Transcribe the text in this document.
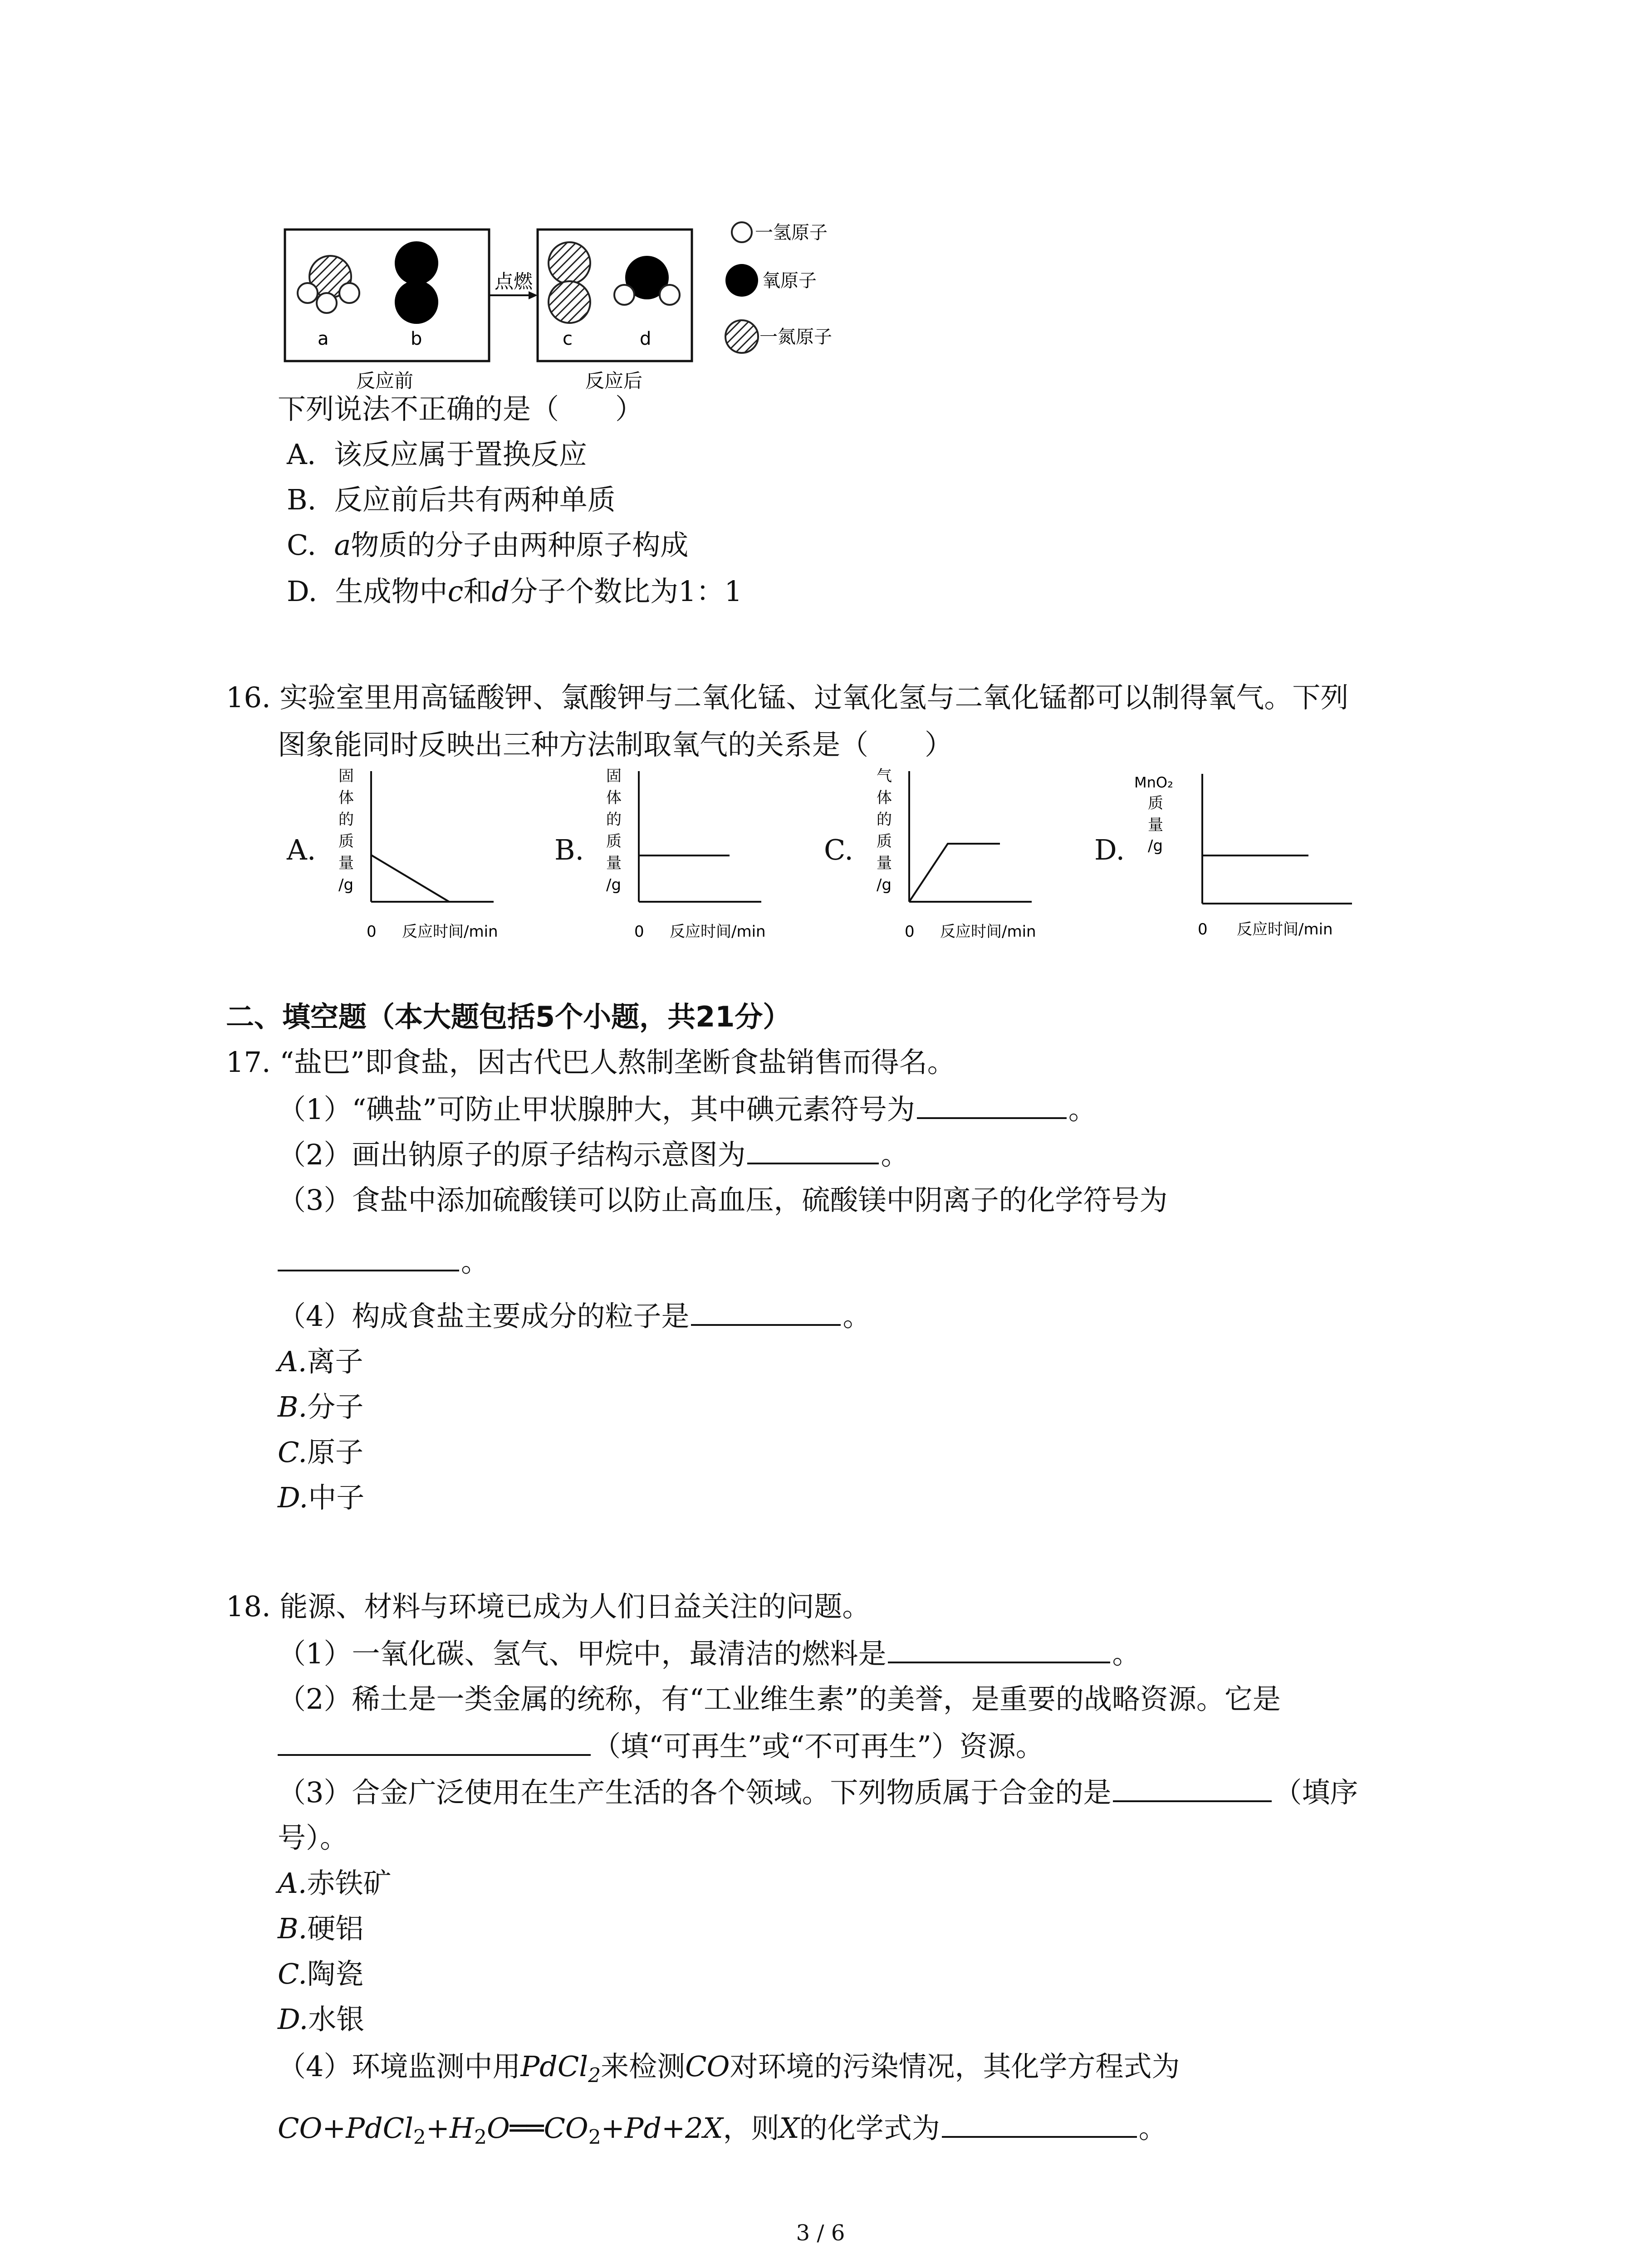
a	b
点燃
c	d
反应前	反应后
一氢原子
氧原子
一氮原子
下列说法不正确的是（　　）
A. 该反应属于置换反应
B. 反应前后共有两种单质
C. a物质的分子由两种原子构成
D. 生成物中c和d分子个数比为1：1
16. 实验室里用高锰酸钾、氯酸钾与二氧化锰、过氧化氢与二氧化锰都可以制得氧气。下列
图象能同时反映出三种方法制取氧气的关系是（　　）
A.	B.	C.	D.
固
体
的
质
量
/g
0 反应时间/min
固
体
的
质
量
/g
0 反应时间/min
气
体
的
质
量
/g
0 反应时间/min
MnO₂
质
量
/g
0 反应时间/min
二、填空题（本大题包括5个小题，共21分）
17. “盐巴”即食盐，因古代巴人熬制垄断食盐销售而得名。
（1）“碘盐”可防止甲状腺肿大，其中碘元素符号为	。
（2）画出钠原子的原子结构示意图为	。
（3）食盐中添加硫酸镁可以防止高血压，硫酸镁中阴离子的化学符号为
。
（4）构成食盐主要成分的粒子是	。
A.离子
B.分子
C.原子
D.中子
18. 能源、材料与环境已成为人们日益关注的问题。
（1）一氧化碳、氢气、甲烷中，最清洁的燃料是	。
（2）稀土是一类金属的统称，有“工业维生素”的美誉，是重要的战略资源。它是
（填“可再生”或“不可再生”）资源。
（3）合金广泛使用在生产生活的各个领域。下列物质属于合金的是	（填序
号）。
A.赤铁矿
B.硬铝
C.陶瓷
D.水银
（4）环境监测中用PdCl$_2$来检测CO对环境的污染情况，其化学方程式为
$CO+PdCl_2+H_2O══CO_2+Pd+2X$，则X的化学式为	。
3 / 6
